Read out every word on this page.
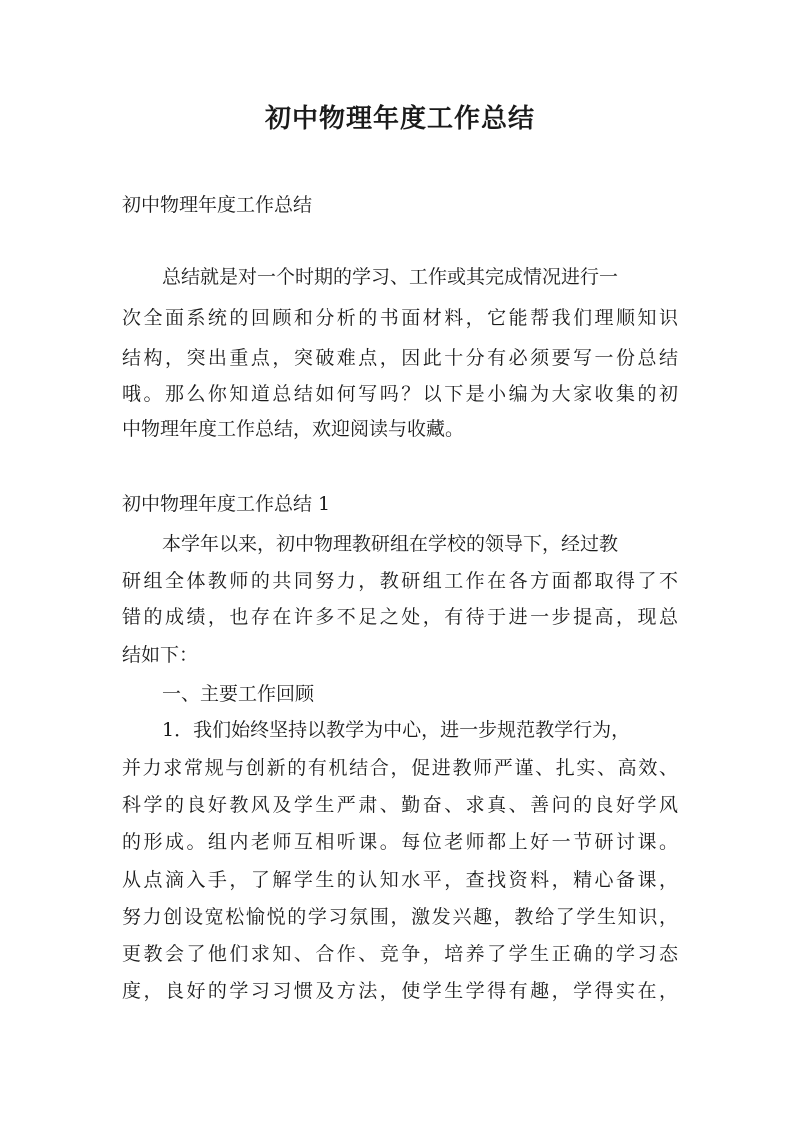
初中物理年度工作总结

初中物理年度工作总结

总结就是对一个时期的学习、工作或其完成情况进行一

次全面系统的回顾和分析的书面材料，它能帮我们理顺知识

结构，突出重点，突破难点，因此十分有必须要写一份总结

哦。那么你知道总结如何写吗？以下是小编为大家收集的初

中物理年度工作总结，欢迎阅读与收藏。

初中物理年度工作总结 1

本学年以来，初中物理教研组在学校的领导下，经过教

研组全体教师的共同努力，教研组工作在各方面都取得了不

错的成绩，也存在许多不足之处，有待于进一步提高，现总

结如下：

一、主要工作回顾

1．我们始终坚持以教学为中心，进一步规范教学行为，

并力求常规与创新的有机结合，促进教师严谨、扎实、高效、

科学的良好教风及学生严肃、勤奋、求真、善问的良好学风

的形成。组内老师互相听课。每位老师都上好一节研讨课。

从点滴入手，了解学生的认知水平，查找资料，精心备课，

努力创设宽松愉悦的学习氛围，激发兴趣，教给了学生知识，

更教会了他们求知、合作、竞争，培养了学生正确的学习态

度，良好的学习习惯及方法，使学生学得有趣，学得实在，
